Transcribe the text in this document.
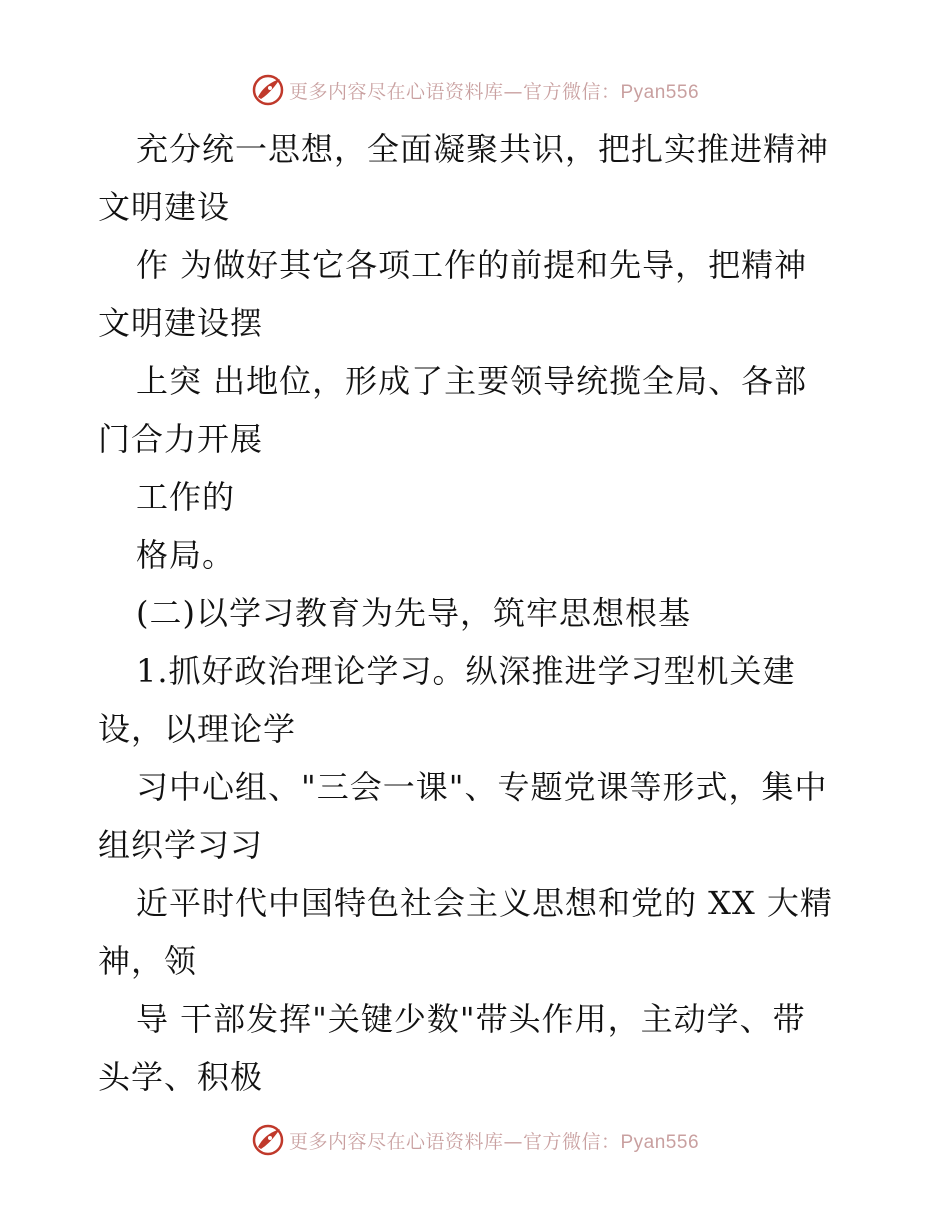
更多内容尽在心语资料库—官方微信：Pyan556
充分统一思想，全面凝聚共识，把扎实推进精神
文明建设
作 为做好其它各项工作的前提和先导，把精神
文明建设摆
上突 出地位，形成了主要领导统揽全局、各部
门合力开展
工作的
格局。
(二)以学习教育为先导，筑牢思想根基
1.抓好政治理论学习。纵深推进学习型机关建
设，以理论学
习中心组、"三会一课"、专题党课等形式，集中
组织学习习
近平时代中国特色社会主义思想和党的 XX 大精
神，领
导 干部发挥"关键少数"带头作用，主动学、带
头学、积极
更多内容尽在心语资料库—官方微信：Pyan556
